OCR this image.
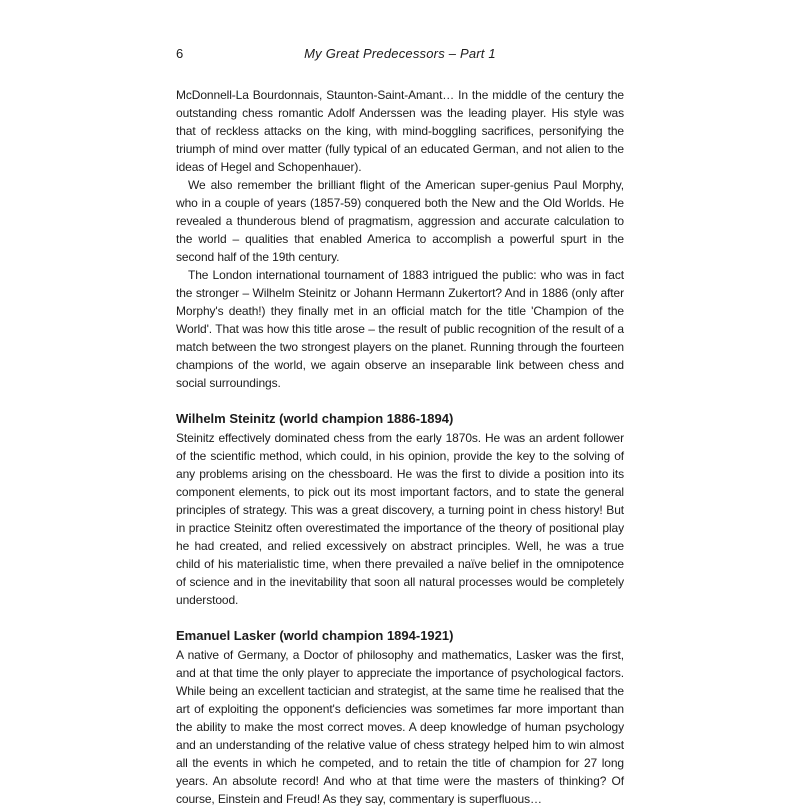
6	My Great Predecessors – Part 1

McDonnell-La Bourdonnais, Staunton-Saint-Amant… In the middle of the century the outstanding chess romantic Adolf Anderssen was the leading player. His style was that of reckless attacks on the king, with mind-boggling sacrifices, personifying the triumph of mind over matter (fully typical of an educated German, and not alien to the ideas of Hegel and Schopenhauer).

We also remember the brilliant flight of the American super-genius Paul Morphy, who in a couple of years (1857-59) conquered both the New and the Old Worlds. He revealed a thunderous blend of pragmatism, aggression and accurate calculation to the world – qualities that enabled America to accomplish a powerful spurt in the second half of the 19th century.

The London international tournament of 1883 intrigued the public: who was in fact the stronger – Wilhelm Steinitz or Johann Hermann Zukertort? And in 1886 (only after Morphy's death!) they finally met in an official match for the title 'Champion of the World'. That was how this title arose – the result of public recognition of the result of a match between the two strongest players on the planet. Running through the fourteen champions of the world, we again observe an inseparable link between chess and social surroundings.

Wilhelm Steinitz (world champion 1886-1894)

Steinitz effectively dominated chess from the early 1870s. He was an ardent follower of the scientific method, which could, in his opinion, provide the key to the solving of any problems arising on the chessboard. He was the first to divide a position into its component elements, to pick out its most important factors, and to state the general principles of strategy. This was a great discovery, a turning point in chess history! But in practice Steinitz often overestimated the importance of the theory of positional play he had created, and relied excessively on abstract principles. Well, he was a true child of his materialistic time, when there prevailed a naïve belief in the omnipotence of science and in the inevitability that soon all natural processes would be completely understood.

Emanuel Lasker (world champion 1894-1921)

A native of Germany, a Doctor of philosophy and mathematics, Lasker was the first, and at that time the only player to appreciate the importance of psychological factors. While being an excellent tactician and strategist, at the same time he realised that the art of exploiting the opponent's deficiencies was sometimes far more important than the ability to make the most correct moves. A deep knowledge of human psychology and an understanding of the relative value of chess strategy helped him to win almost all the events in which he competed, and to retain the title of champion for 27 long years. An absolute record! And who at that time were the masters of thinking? Of course, Einstein and Freud! As they say, commentary is superfluous…
